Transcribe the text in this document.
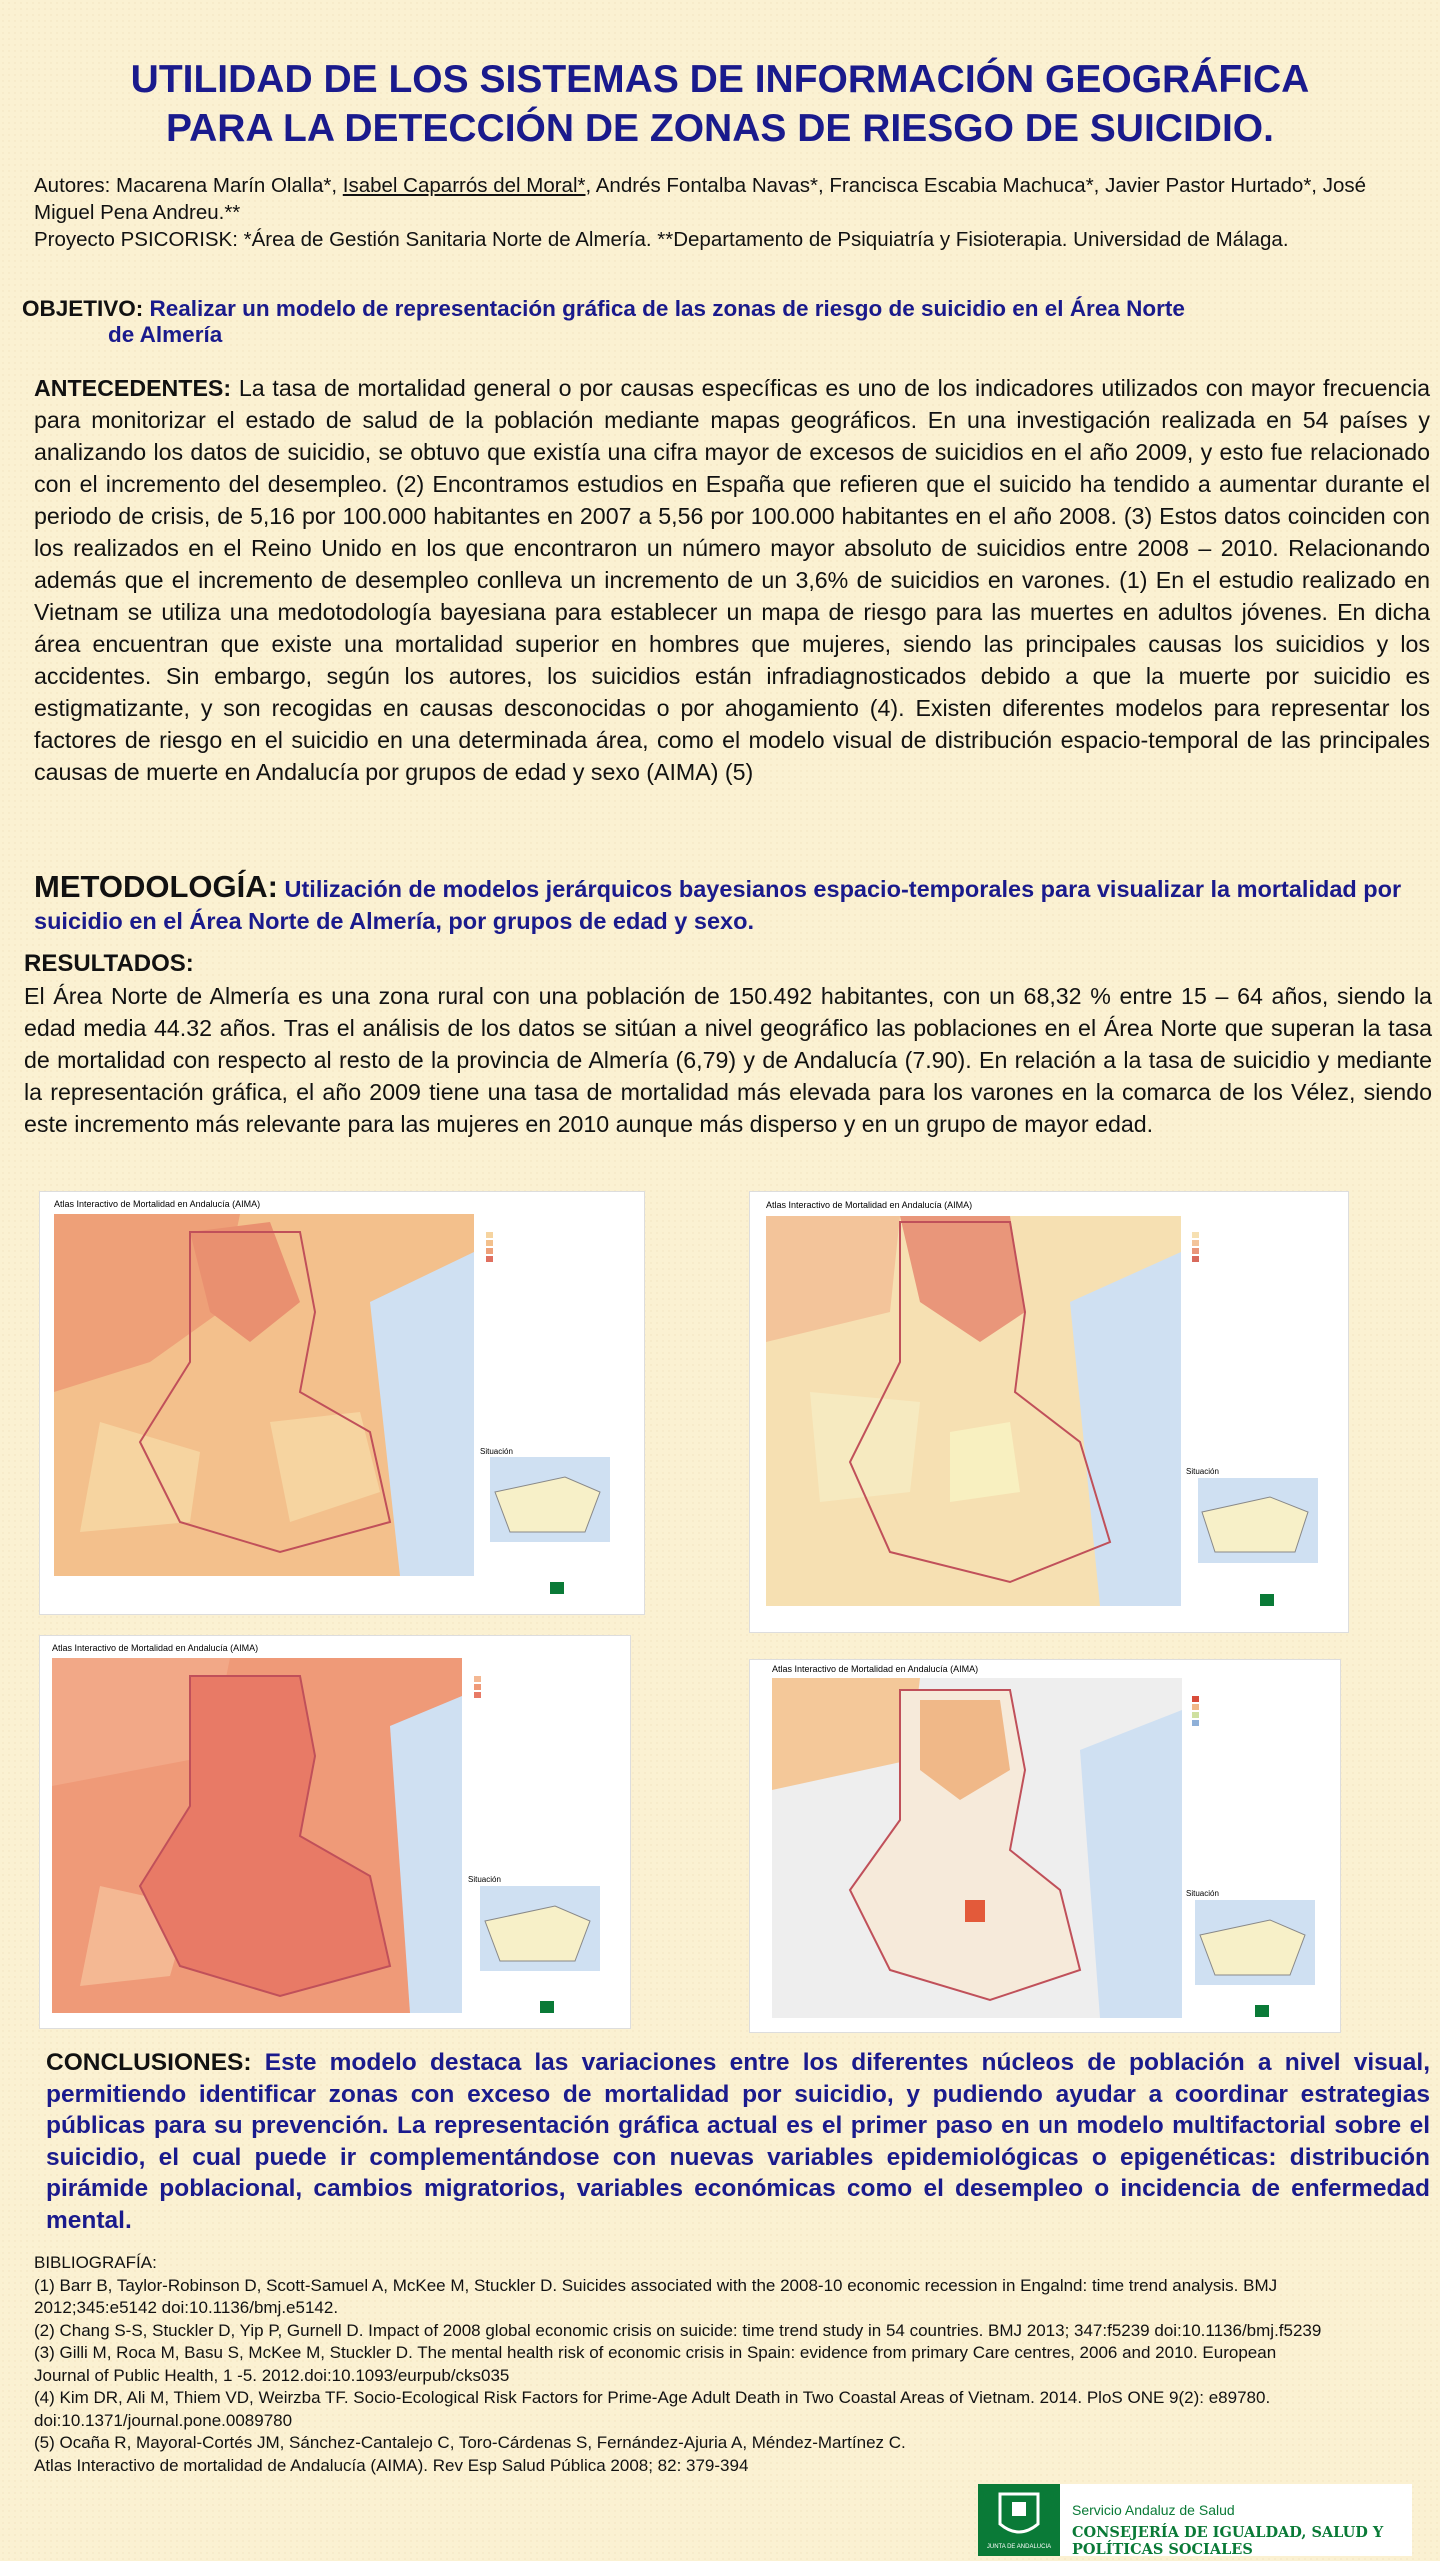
UTILIDAD DE LOS SISTEMAS DE INFORMACIÓN GEOGRÁFICA
PARA LA DETECCIÓN DE ZONAS DE RIESGO DE SUICIDIO.
Autores: Macarena Marín Olalla*, Isabel Caparrós del Moral*, Andrés Fontalba Navas*, Francisca Escabia Machuca*, Javier Pastor Hurtado*, José Miguel Pena Andreu.**
Proyecto PSICORISK: *Área de Gestión Sanitaria Norte de Almería. **Departamento de Psiquiatría y Fisioterapia. Universidad de Málaga.
OBJETIVO: Realizar un modelo de representación gráfica de las zonas de riesgo de suicidio en el Área Norte
de Almería
ANTECEDENTES: La tasa de mortalidad general o por causas específicas es uno de los indicadores utilizados con mayor frecuencia para monitorizar el estado de salud de la población mediante mapas geográficos. En una investigación realizada en 54 países y analizando los datos de suicidio, se obtuvo que existía una cifra mayor de excesos de suicidios en el año 2009, y esto fue relacionado con el incremento del desempleo. (2) Encontramos estudios en España que refieren que el suicido ha tendido a aumentar durante el periodo de crisis, de 5,16 por 100.000 habitantes en 2007 a 5,56 por 100.000 habitantes en el año 2008. (3) Estos datos coinciden con los realizados en el Reino Unido en los que encontraron un número mayor absoluto de suicidios entre 2008 – 2010. Relacionando además que el incremento de desempleo conlleva un incremento de un 3,6% de suicidios en varones. (1) En el estudio realizado en Vietnam se utiliza una medotodología bayesiana para establecer un mapa de riesgo para las muertes en adultos jóvenes. En dicha área encuentran que existe una mortalidad superior en hombres que mujeres, siendo las principales causas los suicidios y los accidentes. Sin embargo, según los autores, los suicidios están infradiagnosticados debido a que la muerte por suicidio es estigmatizante, y son recogidas en causas desconocidas o por ahogamiento (4). Existen diferentes modelos para representar los factores de riesgo en el suicidio en una determinada área, como el modelo visual de distribución espacio-temporal de las principales causas de muerte en Andalucía por grupos de edad y sexo (AIMA) (5)
METODOLOGÍA: Utilización de modelos jerárquicos bayesianos espacio-temporales para visualizar la mortalidad por suicidio en el Área Norte de Almería, por grupos de edad y sexo.
RESULTADOS:
El Área Norte de Almería es una zona rural con una población de 150.492 habitantes, con un 68,32 % entre 15 – 64 años, siendo la edad media 44.32 años. Tras el análisis de los datos se sitúan a nivel geográfico las poblaciones en el Área Norte que superan la tasa de mortalidad con respecto al resto de la provincia de Almería (6,79) y de Andalucía (7.90). En relación a la tasa de suicidio y mediante la representación gráfica, el año 2009 tiene una tasa de mortalidad más elevada para los varones en la comarca de los Vélez, siendo este incremento más relevante para las mujeres en 2010 aunque más disperso y en un grupo de mayor edad.
Situación
Atlas Interactivo de Mortalidad en Andalucía (AIMA)
Situación
Atlas Interactivo de Mortalidad en Andalucía (AIMA)
Situación
Atlas Interactivo de Mortalidad en Andalucía (AIMA)
Situación
Atlas Interactivo de Mortalidad en Andalucía (AIMA)
CONCLUSIONES: Este modelo destaca las variaciones entre los diferentes núcleos de población a nivel visual, permitiendo identificar zonas con exceso de mortalidad por suicidio, y pudiendo ayudar a coordinar estrategias públicas para su prevención. La representación gráfica actual es el primer paso en un modelo multifactorial sobre el suicidio, el cual puede ir complementándose con nuevas variables epidemiológicas o epigenéticas: distribución pirámide poblacional, cambios migratorios, variables económicas como el desempleo o incidencia de enfermedad mental.
BIBLIOGRAFÍA:
(1) Barr B, Taylor-Robinson D, Scott-Samuel A, McKee M, Stuckler D. Suicides associated with the 2008-10 economic recession in Engalnd: time trend analysis. BMJ 2012;345:e5142 doi:10.1136/bmj.e5142.
(2) Chang S-S, Stuckler D, Yip P, Gurnell D. Impact of 2008 global economic crisis on suicide: time trend study in 54 countries. BMJ 2013; 347:f5239 doi:10.1136/bmj.f5239
(3) Gilli M, Roca M, Basu S, McKee M, Stuckler D. The mental health risk of economic crisis in Spain: evidence from primary Care centres, 2006 and 2010. European Journal of Public Health, 1 -5. 2012.doi:10.1093/eurpub/cks035
(4) Kim DR, Ali M, Thiem VD, Weirzba TF. Socio-Ecological Risk Factors for Prime-Age Adult Death in Two Coastal Areas of Vietnam. 2014. PloS ONE 9(2): e89780. doi:10.1371/journal.pone.0089780
(5) Ocaña R, Mayoral-Cortés JM, Sánchez-Cantalejo C, Toro-Cárdenas S, Fernández-Ajuria A, Méndez-Martínez C.
Atlas Interactivo de mortalidad de Andalucía (AIMA). Rev Esp Salud Pública 2008; 82: 379-394
JUNTA DE ANDALUCIA
Servicio Andaluz de Salud
CONSEJERÍA DE IGUALDAD, SALUD Y POLÍTICAS SOCIALES
